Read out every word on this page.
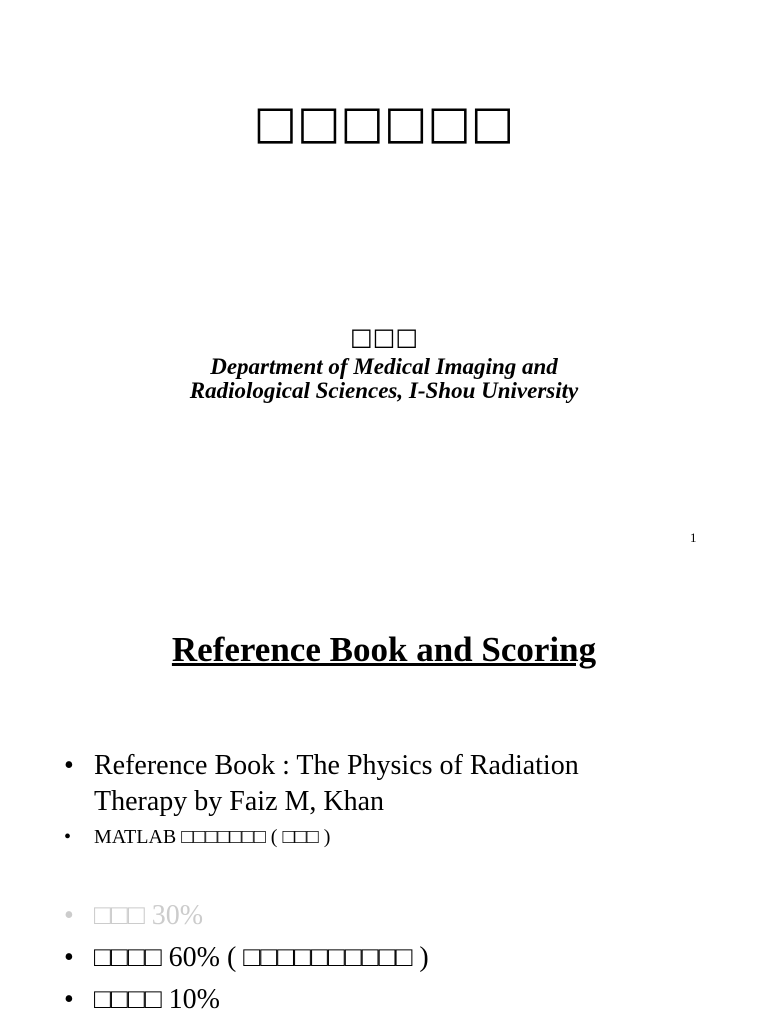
□□□□□□
□□□
Department of Medical Imaging and
Radiological Sciences, I-Shou University
1
Reference Book and Scoring
• Reference Book : The Physics of Radiation Therapy by Faiz M, Khan
•	MATLAB □□□□□□□ ( □□□ )
• □□□ 30%
• □□□□ 60% ( □□□□□□□□□□ )
• □□□□ 10%
